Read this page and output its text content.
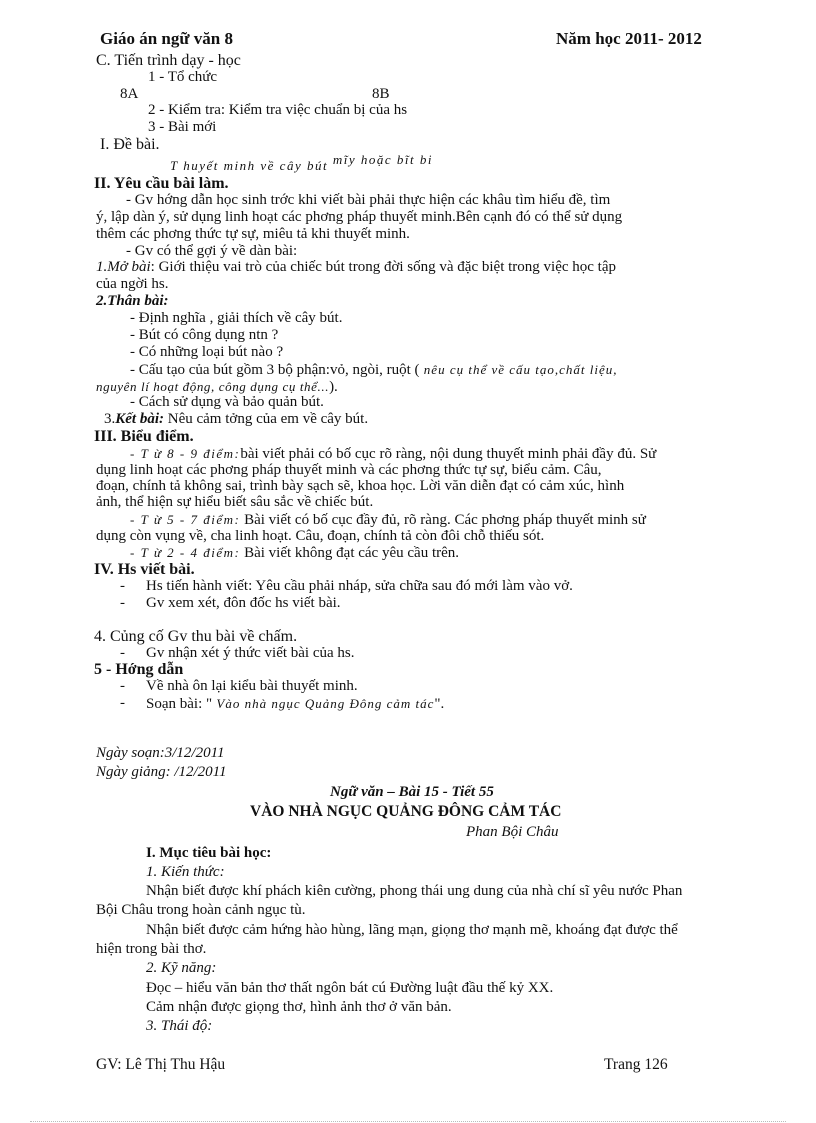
Giáo án ngữ văn 8	Năm học 2011- 2012
C. Tiến trình dạy - học
1 - Tổ chức
8A	8B
2 - Kiểm tra: Kiểm tra việc chuẩn bị của hs
3 - Bài mới
I. Đề bài.
T huyết minh về cây bút mĩy hoặc bĩt bi
II. Yêu cầu bài làm.
- Gv hớng dẫn học sinh trớc khi viết bài phải thực hiện các khâu tìm hiểu đề, tìm
ý, lập dàn ý, sử dụng linh hoạt các phơng pháp thuyết minh.Bên cạnh đó có thể sử dụng
thêm các phơng thức tự sự, miêu tả khi thuyết minh.
- Gv có thể gợi ý về dàn bài:
1.Mở bài: Giới thiệu vai trò của chiếc bút trong đời sống và đặc biệt trong việc học tập
của ngời hs.
2.Thân bài:
- Định nghĩa , giải thích về cây bút.
- Bút có công dụng ntn ?
- Có những loại bút nào ?
- Cấu tạo của bút gồm 3 bộ phận:vỏ, ngòi, ruột ( nêu cụ thể về cấu tạo,chất liệu,
nguyên lí hoạt động, công dụng cụ thể...).
- Cách sử dụng và bảo quản bút.
3.Kết bài: Nêu cảm tởng của em về cây bút.
III. Biểu điểm.
- T ừ 8 - 9 điểm:bài viết phải có bố cục rõ ràng, nội dung thuyết minh phải đầy đủ. Sử
dụng linh hoạt các phơng pháp thuyết minh và các phơng thức tự sự, biểu cảm. Câu,
đoạn, chính tả không sai, trình bày sạch sẽ, khoa học. Lời văn diễn đạt có cảm xúc, hình
ảnh, thể hiện sự hiểu biết sâu sắc về chiếc bút.
- T ừ 5 - 7 điểm: Bài viết có bố cục đầy đủ, rõ ràng. Các phơng pháp thuyết minh sử
dụng còn vụng về, cha linh hoạt. Câu, đoạn, chính tả còn đôi chỗ thiếu sót.
- T ừ 2 - 4 điểm: Bài viết không đạt các yêu cầu trên.
IV. Hs viết bài.
- Hs tiến hành viết: Yêu cầu phải nháp, sửa chữa sau đó mới làm vào vở.
- Gv xem xét, đôn đốc hs viết bài.
4. Củng cố Gv thu bài về chấm.
- Gv nhận xét ý thức viết bài của hs.
5 - Hớng dẫn
- Về nhà ôn lại kiểu bài thuyết minh.
- Soạn bài: " Vào nhà ngục Quảng Đông cảm tác".
Ngày soạn:3/12/2011
Ngày giảng: /12/2011
Ngữ văn – Bài 15 - Tiết 55
VÀO NHÀ NGỤC QUẢNG ĐÔNG CẢM TÁC
Phan Bội Châu
I. Mục tiêu bài học:
1. Kiến thức:
Nhận biết được khí phách kiên cường, phong thái ung dung của nhà chí sĩ yêu nước Phan
Bội Châu trong hoàn cảnh ngục tù.
Nhận biết được cảm hứng hào hùng, lãng mạn, giọng thơ mạnh mẽ, khoáng đạt được thể
hiện trong bài thơ.
2. Kỹ năng:
Đọc – hiểu văn bản thơ thất ngôn bát cú Đường luật đầu thế kỷ XX.
Cảm nhận được giọng thơ, hình ảnh thơ ở văn bản.
3. Thái độ:
GV: Lê Thị Thu Hậu	Trang 126
